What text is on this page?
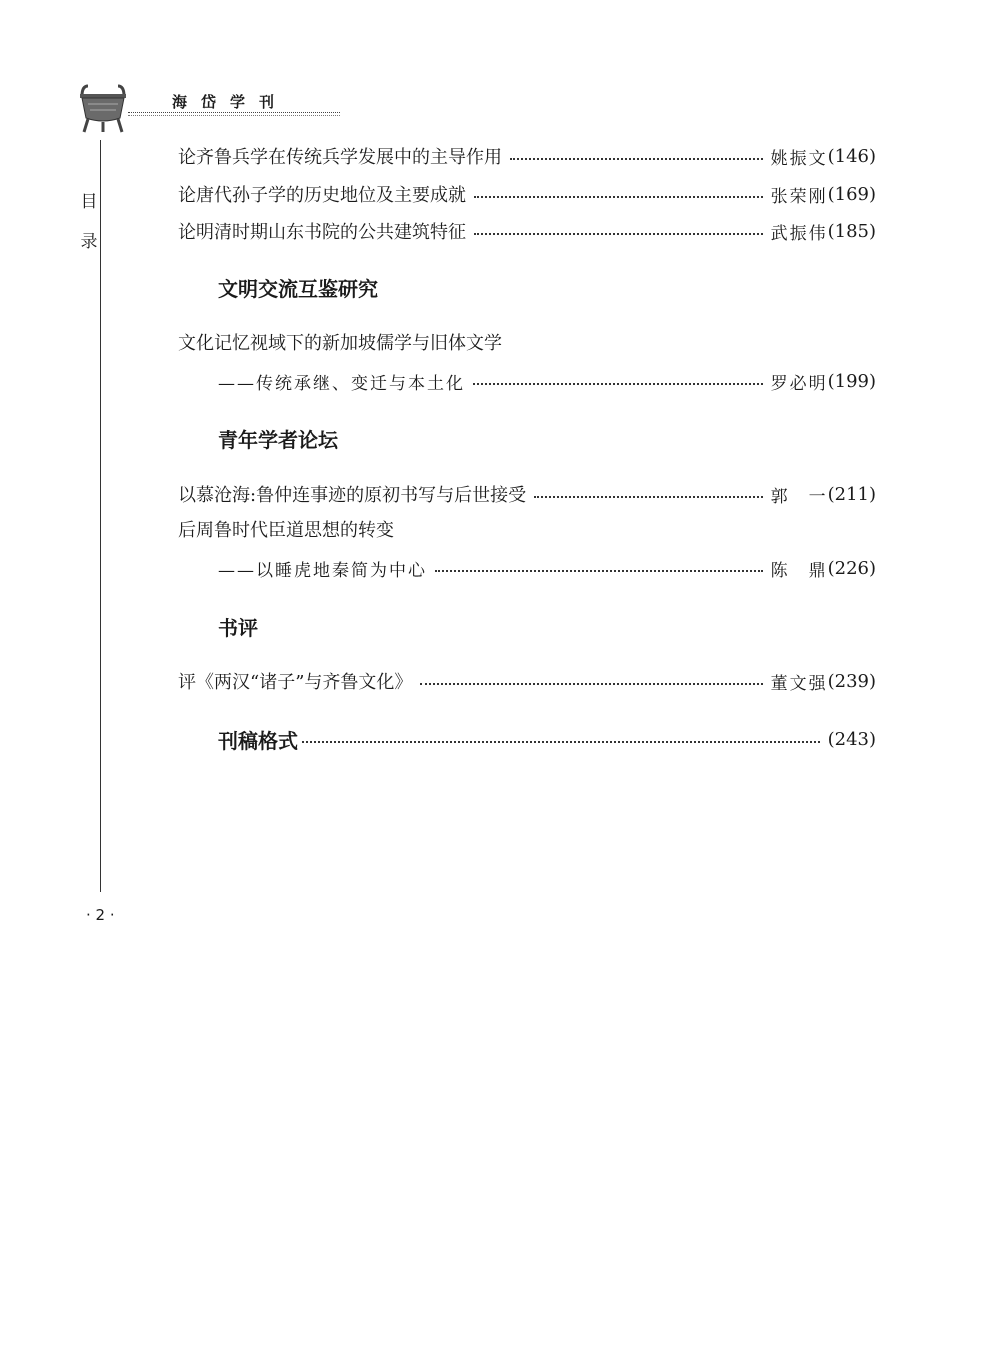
海岱学刊
目录
论齐鲁兵学在传统兵学发展中的主导作用	姚振文 (146)
论唐代孙子学的历史地位及主要成就	张荣刚 (169)
论明清时期山东书院的公共建筑特征	武振伟 (185)
文明交流互鉴研究
文化记忆视域下的新加坡儒学与旧体文学
——传统承继、变迁与本土化	罗必明 (199)
青年学者论坛
以慕沧海:鲁仲连事迹的原初书写与后世接受	郭　一 (211)
后周鲁时代臣道思想的转变
——以睡虎地秦简为中心	陈　鼎 (226)
书评
评《两汉“诸子”与齐鲁文化》	董文强 (239)
刊稿格式	(243)
· 2 ·
